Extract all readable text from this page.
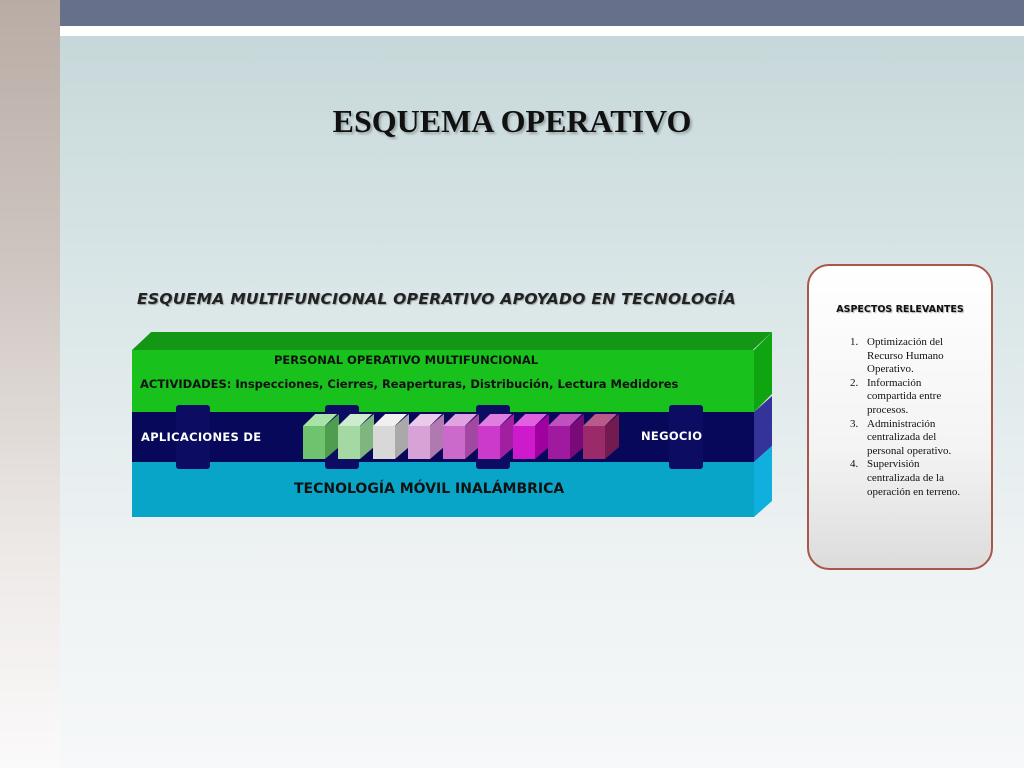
ESQUEMA OPERATIVO
ESQUEMA MULTIFUNCIONAL OPERATIVO APOYADO EN TECNOLOGÍA
PERSONAL OPERATIVO MULTIFUNCIONAL
ACTIVIDADES: Inspecciones, Cierres, Reaperturas, Distribución, Lectura Medidores
APLICACIONES DE	NEGOCIO
TECNOLOGÍA MÓVIL INALÁMBRICA
ASPECTOS RELEVANTES
1. Optimización del Recurso Humano Operativo.
2. Información compartida entre procesos.
3. Administración centralizada del personal operativo.
4. Supervisión centralizada de la operación en terreno.
